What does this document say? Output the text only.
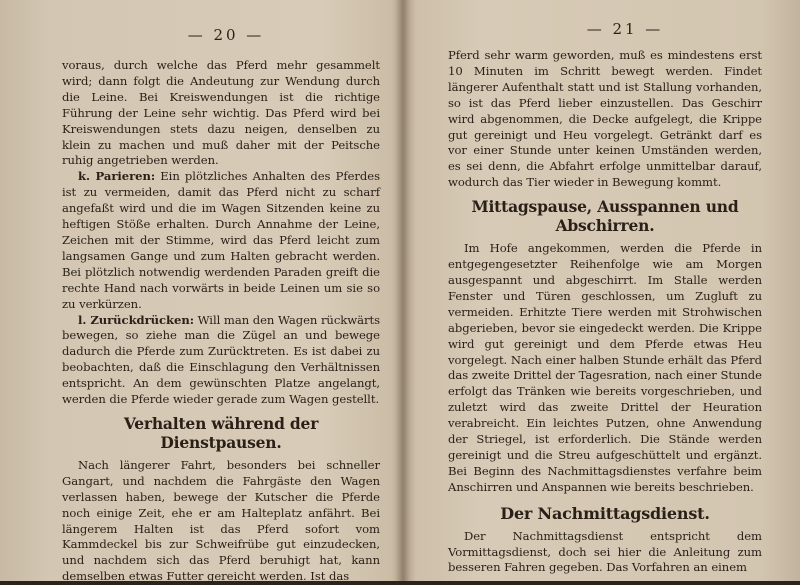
— 20 —

voraus, durch welche das Pferd mehr gesammelt wird; dann folgt die Andeutung zur Wendung durch die Leine. Bei Kreiswendungen ist die richtige Führung der Leine sehr wichtig. Das Pferd wird bei Kreiswendungen stets dazu neigen, denselben zu klein zu machen und muß daher mit der Peitsche ruhig angetrieben werden.

k. Parieren: Ein plötzliches Anhalten des Pferdes ist zu vermeiden, damit das Pferd nicht zu scharf angefaßt wird und die im Wagen Sitzenden keine zu heftigen Stöße erhalten. Durch Annahme der Leine, Zeichen mit der Stimme, wird das Pferd leicht zum langsamen Gange und zum Halten gebracht werden. Bei plötzlich notwendig werdenden Paraden greift die rechte Hand nach vorwärts in beide Leinen um sie so zu verkürzen.

l. Zurückdrücken: Will man den Wagen rückwärts bewegen, so ziehe man die Zügel an und bewege dadurch die Pferde zum Zurücktreten. Es ist dabei zu beobachten, daß die Einschlagung den Verhältnissen entspricht. An dem gewünschten Platze angelangt, werden die Pferde wieder gerade zum Wagen gestellt.

Verhalten während der Dienstpausen.

Nach längerer Fahrt, besonders bei schneller Gangart, und nachdem die Fahrgäste den Wagen verlassen haben, bewege der Kutscher die Pferde noch einige Zeit, ehe er am Halteplatz anfährt. Bei längerem Halten ist das Pferd sofort vom Kammdeckel bis zur Schweifrübe gut einzudecken, und nachdem sich das Pferd beruhigt hat, kann demselben etwas Futter gereicht werden. Ist das

— 21 —

Pferd sehr warm geworden, muß es mindestens erst 10 Minuten im Schritt bewegt werden. Findet längerer Aufenthalt statt und ist Stallung vorhanden, so ist das Pferd lieber einzustellen. Das Geschirr wird abgenommen, die Decke aufgelegt, die Krippe gut gereinigt und Heu vorgelegt. Getränkt darf es vor einer Stunde unter keinen Umständen werden, es sei denn, die Abfahrt erfolge unmittelbar darauf, wodurch das Tier wieder in Bewegung kommt.

Mittagspause, Ausspannen und Abschirren.

Im Hofe angekommen, werden die Pferde in entgegengesetzter Reihenfolge wie am Morgen ausgespannt und abgeschirrt. Im Stalle werden Fenster und Türen geschlossen, um Zugluft zu vermeiden. Erhitzte Tiere werden mit Strohwischen abgerieben, bevor sie eingedeckt werden. Die Krippe wird gut gereinigt und dem Pferde etwas Heu vorgelegt. Nach einer halben Stunde erhält das Pferd das zweite Drittel der Tagesration, nach einer Stunde erfolgt das Tränken wie bereits vorgeschrieben, und zuletzt wird das zweite Drittel der Heuration verabreicht. Ein leichtes Putzen, ohne Anwendung der Striegel, ist erforderlich. Die Stände werden gereinigt und die Streu aufgeschüttelt und ergänzt. Bei Beginn des Nachmittagsdienstes verfahre beim Anschirren und Anspannen wie bereits beschrieben.

Der Nachmittagsdienst.

Der Nachmittagsdienst entspricht dem Vormittagsdienst, doch sei hier die Anleitung zum besseren Fahren gegeben. Das Vorfahren an einem
